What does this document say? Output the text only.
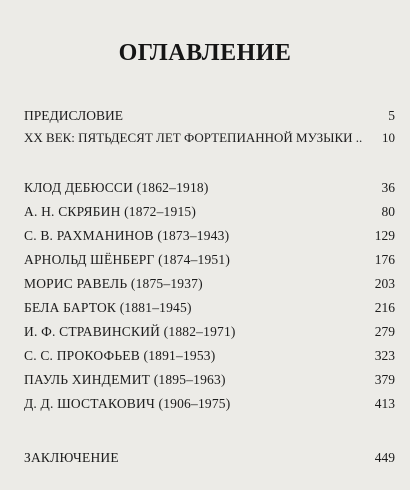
ОГЛАВЛЕНИЕ
ПРЕДИСЛОВИЕ	5
XX ВЕК: ПЯТЬДЕСЯТ ЛЕТ ФОРТЕПИАННОЙ МУЗЫКИ .. 10
КЛОД ДЕБЮССИ (1862–1918)	36
А. Н. СКРЯБИН (1872–1915)	80
С. В. РАХМАНИНОВ (1873–1943)	129
АРНОЛЬД ШЁНБЕРГ (1874–1951)	176
МОРИС РАВЕЛЬ (1875–1937)	203
БЕЛА БАРТОК (1881–1945)	216
И. Ф. СТРАВИНСКИЙ (1882–1971)	279
С. С. ПРОКОФЬЕВ (1891–1953)	323
ПАУЛЬ ХИНДЕМИТ (1895–1963)	379
Д. Д. ШОСТАКОВИЧ (1906–1975)	413
ЗАКЛЮЧЕНИЕ	449
